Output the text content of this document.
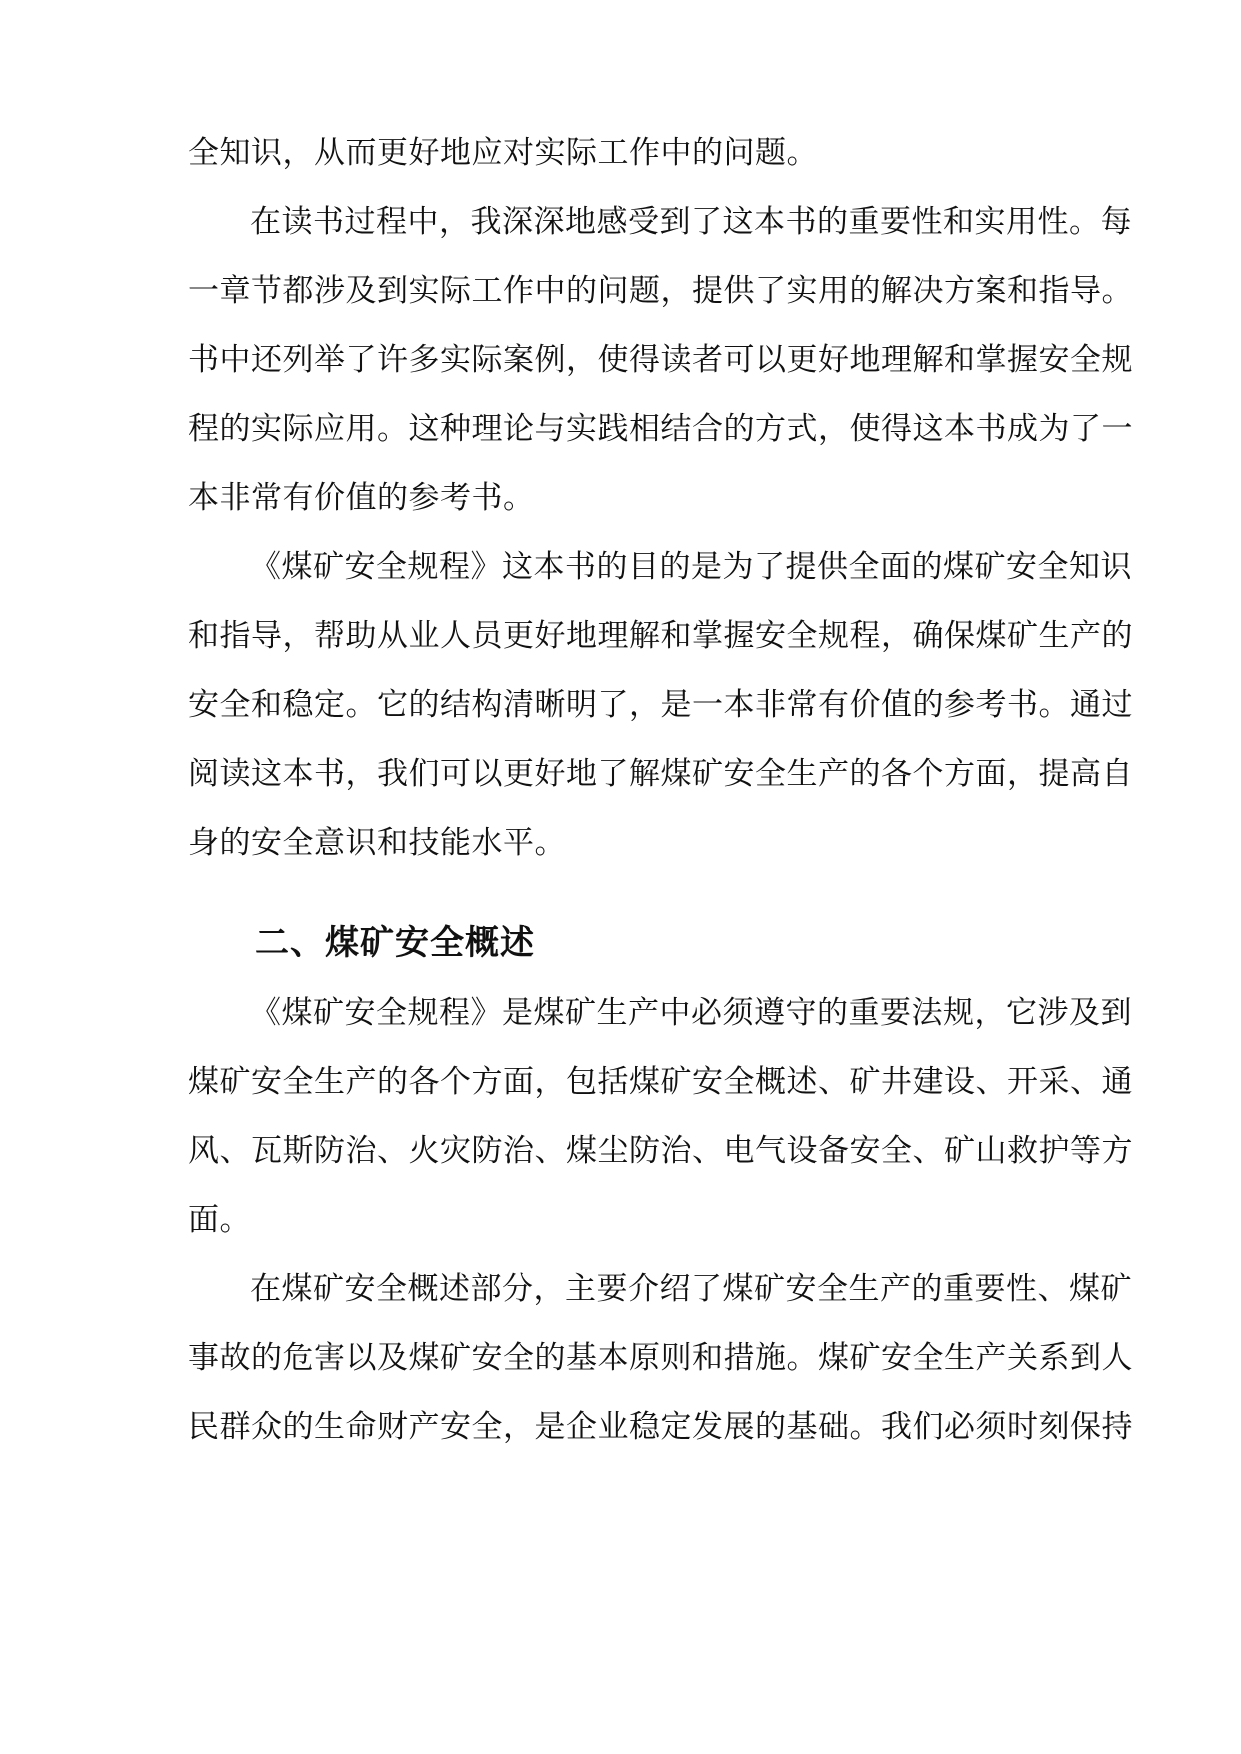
全知识，从而更好地应对实际工作中的问题。
在读书过程中，我深深地感受到了这本书的重要性和实用性。每
一章节都涉及到实际工作中的问题，提供了实用的解决方案和指导。
书中还列举了许多实际案例，使得读者可以更好地理解和掌握安全规
程的实际应用。这种理论与实践相结合的方式，使得这本书成为了一
本非常有价值的参考书。
《煤矿安全规程》这本书的目的是为了提供全面的煤矿安全知识
和指导，帮助从业人员更好地理解和掌握安全规程，确保煤矿生产的
安全和稳定。它的结构清晰明了，是一本非常有价值的参考书。通过
阅读这本书，我们可以更好地了解煤矿安全生产的各个方面，提高自
身的安全意识和技能水平。
二、煤矿安全概述
《煤矿安全规程》是煤矿生产中必须遵守的重要法规，它涉及到
煤矿安全生产的各个方面，包括煤矿安全概述、矿井建设、开采、通
风、瓦斯防治、火灾防治、煤尘防治、电气设备安全、矿山救护等方
面。
在煤矿安全概述部分，主要介绍了煤矿安全生产的重要性、煤矿
事故的危害以及煤矿安全的基本原则和措施。煤矿安全生产关系到人
民群众的生命财产安全，是企业稳定发展的基础。我们必须时刻保持
